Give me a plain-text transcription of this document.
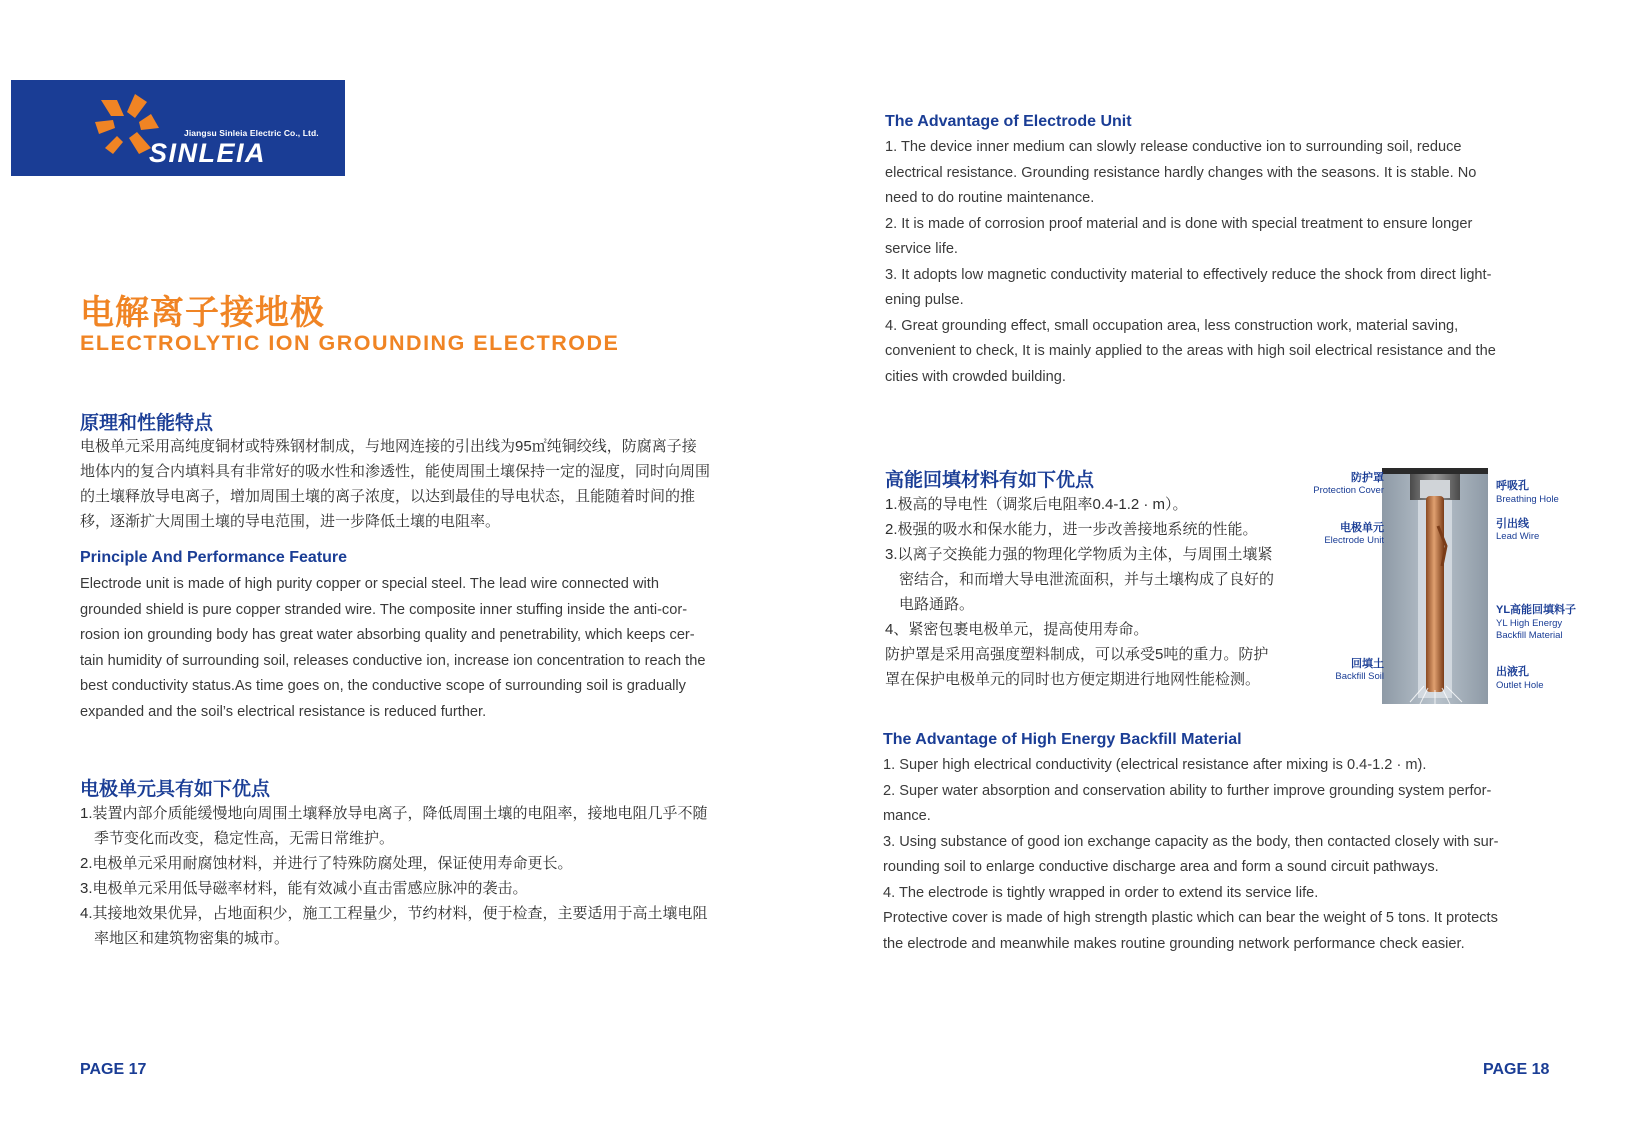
Jiangsu Sinleia Electric Co., Ltd.
SINLEIA
电解离子接地极
ELECTROLYTIC ION GROUNDING ELECTRODE
原理和性能特点

电极单元采用高纯度铜材或特殊钢材制成，与地网连接的引出线为95㎡纯铜绞线，防腐离子接

地体内的复合内填料具有非常好的吸水性和渗透性，能使周围土壤保持一定的湿度，同时向周围

的土壤释放导电离子，增加周围土壤的离子浓度，以达到最佳的导电状态，且能随着时间的推

移，逐渐扩大周围土壤的导电范围，进一步降低土壤的电阻率。

Principle And Performance Feature

Electrode unit is made of high purity copper or special steel. The lead wire connected with

grounded shield is pure copper stranded wire. The composite inner stuffing inside the anti-cor-

rosion ion grounding body has great water absorbing quality and penetrability, which keeps cer-

tain humidity of surrounding soil, releases conductive ion, increase ion concentration to reach the

best conductivity status.As time goes on, the conductive scope of surrounding soil is gradually

expanded and the soil’s electrical resistance is reduced further.

电极单元具有如下优点

1.装置内部介质能缓慢地向周围土壤释放导电离子，降低周围土壤的电阻率，接地电阻几乎不随

季节变化而改变，稳定性高，无需日常维护。

2.电极单元采用耐腐蚀材料，并进行了特殊防腐处理，保证使用寿命更长。

3.电极单元采用低导磁率材料，能有效减小直击雷感应脉冲的袭击。

4.其接地效果优异，占地面积少，施工工程量少，节约材料，便于检查，主要适用于高土壤电阻

率地区和建筑物密集的城市。

PAGE 17
The Advantage of Electrode Unit

1. The device inner medium can slowly release conductive ion to surrounding soil, reduce

electrical resistance. Grounding resistance hardly changes with the seasons. It is stable. No

need to do routine maintenance.

2. It is made of corrosion proof material and is done with special treatment to ensure longer

service life.

3. It adopts low magnetic conductivity material to effectively reduce the shock from direct light-

ening pulse.

4. Great grounding effect, small occupation area, less construction work, material saving,

convenient to check, It is mainly applied to the areas with high soil electrical resistance and the

cities with crowded building.

高能回填材料有如下优点

1.极高的导电性（调浆后电阻率0.4-1.2 · m）。

2.极强的吸水和保水能力，进一步改善接地系统的性能。

3.以离子交换能力强的物理化学物质为主体，与周围土壤紧

密结合，和而增大导电泄流面积，并与土壤构成了良好的

电路通路。

4、紧密包裹电极单元，提高使用寿命。

防护罩是采用高强度塑料制成，可以承受5吨的重力。防护

罩在保护电极单元的同时也方便定期进行地网性能检测。

防护罩
Protection Cover
电极单元
Electrode Unit
回填土
Backfill Soil
呼吸孔
Breathing Hole
引出线
Lead Wire
YL高能回填料子
YL High Energy
Backfill Material
出液孔
Outlet Hole
The Advantage of High Energy Backfill Material

1. Super high electrical conductivity (electrical resistance after mixing is 0.4-1.2 · m).

2. Super water absorption and conservation ability to further improve grounding system perfor-

mance.

3. Using substance of good ion exchange capacity as the body, then contacted closely with sur-

rounding soil to enlarge conductive discharge area and form a sound circuit pathways.

4. The electrode is tightly wrapped in order to extend its service life.

Protective cover is made of high strength plastic which can bear the weight of 5 tons. It protects

the electrode and meanwhile makes routine grounding network performance check easier.

PAGE 18
